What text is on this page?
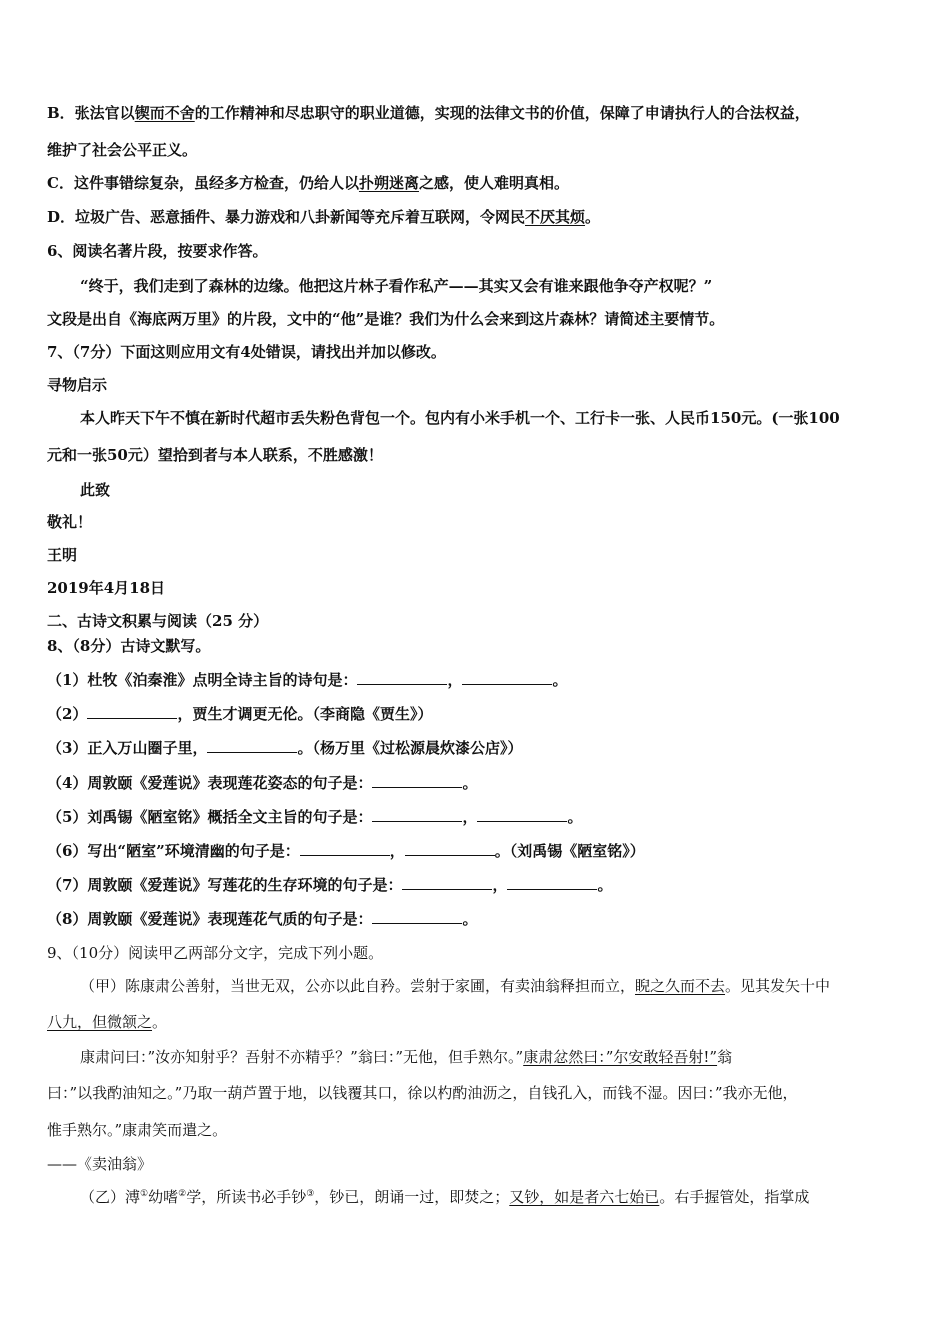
B．张法官以锲而不舍的工作精神和尽忠职守的职业道德，实现的法律文书的价值，保障了申请执行人的合法权益，
维护了社会公平正义。
C．这件事错综复杂，虽经多方检查，仍给人以扑朔迷离之感，使人难明真相。
D．垃圾广告、恶意插件、暴力游戏和八卦新闻等充斥着互联网，令网民不厌其烦。
6、阅读名著片段，按要求作答。
“终于，我们走到了森林的边缘。他把这片林子看作私产——其实又会有谁来跟他争夺产权呢？”
文段是出自《海底两万里》的片段，文中的“他”是谁？我们为什么会来到这片森林？请简述主要情节。
7、（7分）下面这则应用文有4处错误，请找出并加以修改。
寻物启示
本人昨天下午不慎在新时代超市丢失粉色背包一个。包内有小米手机一个、工行卡一张、人民币150元。(一张100
元和一张50元）望拾到者与本人联系，不胜感激！
此致
敬礼！
王明
2019年4月18日
二、古诗文积累与阅读（25 分）
8、（8分）古诗文默写。
（1）杜牧《泊秦淮》点明全诗主旨的诗句是：	，	。
（2）	，贾生才调更无伦。（李商隐《贾生》）
（3）正入万山圈子里，	。（杨万里《过松源晨炊漆公店》）
（4）周敦颐《爱莲说》表现莲花姿态的句子是：	。
（5）刘禹锡《陋室铭》概括全文主旨的句子是：	，	。
（6）写出“陋室”环境清幽的句子是：	，	。（刘禹锡《陋室铭》）
（7）周敦颐《爱莲说》写莲花的生存环境的句子是：	，	。
（8）周敦颐《爱莲说》表现莲花气质的句子是：	。
9、（10分）阅读甲乙两部分文字，完成下列小题。
（甲）陈康肃公善射，当世无双，公亦以此自矜。尝射于家圃，有卖油翁释担而立，睨之久而不去。见其发矢十中
八九，但微颔之。
康肃问曰：”汝亦知射乎？吾射不亦精乎？”翁曰：”无他，但手熟尔。”康肃忿然曰：”尔安敢轻吾射!”翁
曰：”以我酌油知之。”乃取一葫芦置于地，以钱覆其口，徐以杓酌油沥之，自钱孔入，而钱不湿。因曰：”我亦无他，
惟手熟尔。”康肃笑而遣之。
——《卖油翁》
（乙）溥①幼嗜②学，所读书必手钞③，钞已，朗诵一过，即焚之；又钞，如是者六七始已。右手握管处，指掌成
